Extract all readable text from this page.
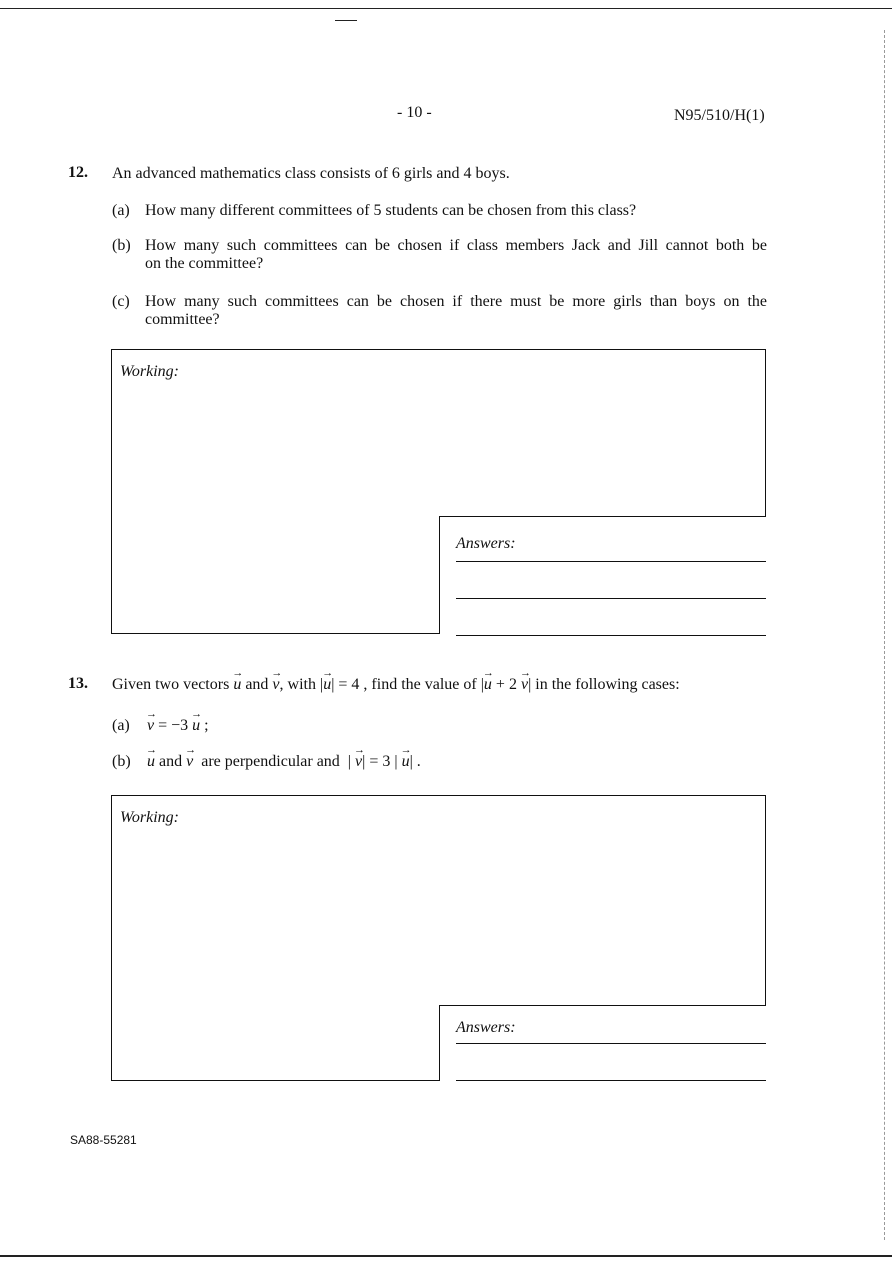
- 10 -	N95/510/H(1)
12. An advanced mathematics class consists of 6 girls and 4 boys.
(a) How many different committees of 5 students can be chosen from this class?
(b) How many such committees can be chosen if class members Jack and Jill cannot both be
on the committee?
(c) How many such committees can be chosen if there must be more girls than boys on the
committee?
Working:
Answers:
13. Given two vectors → u and → v, with |→ u| = 4 , find the value of |→ u + 2 → v| in the following cases:
(a) → v = −3 → u ;
(b) → u and → v are perpendicular and  | → v| = 3 | → u| .
Working:
Answers:
SA88-55281
